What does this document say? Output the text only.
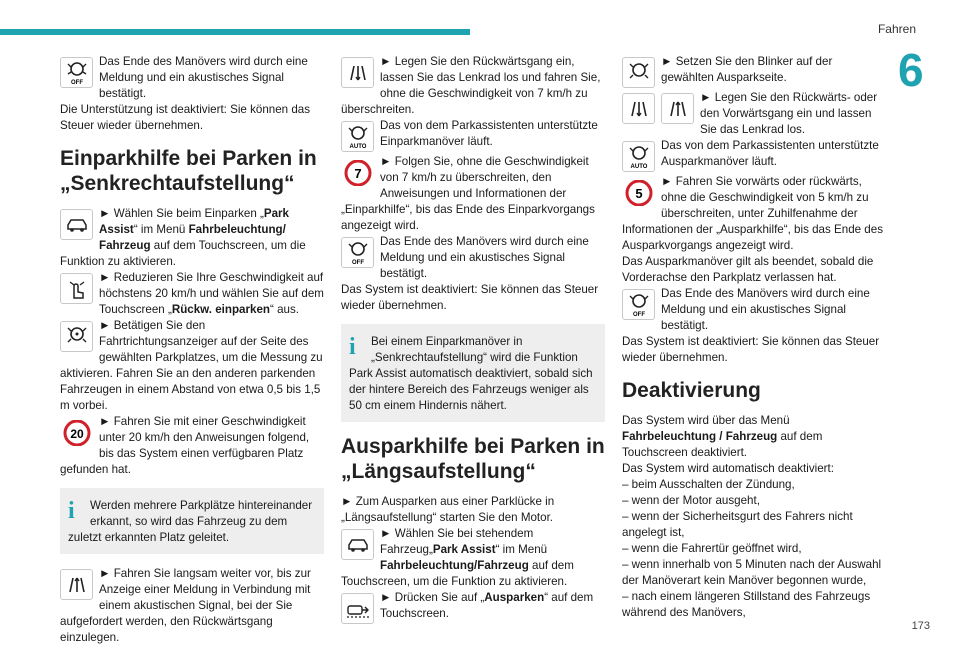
Fahren
6
173
OFF
Das Ende des Manövers wird durch eine Meldung und ein akustisches Signal bestätigt.

Die Unterstützung ist deaktiviert: Sie können das Steuer wieder übernehmen.

Einparkhilfe bei Parken in „Senkrechtaufstellung“
► Wählen Sie beim Einparken „Park Assist“ im Menü Fahrbeleuchtung/ Fahrzeug auf dem Touchscreen, um die Funktion zu aktivieren.
► Reduzieren Sie Ihre Geschwindigkeit auf höchstens 20 km/h und wählen Sie auf dem Touchscreen „Rückw. einparken“ aus.
► Betätigen Sie den Fahrtrichtungsanzeiger auf der Seite des gewählten Parkplatzes, um die Messung zu aktivieren. Fahren Sie an den anderen parkenden Fahrzeugen in einem Abstand von etwa 0,5 bis 1,5 m vorbei.
20
► Fahren Sie mit einer Geschwindigkeit unter 20 km/h den Anweisungen folgend, bis das System einen verfügbaren Platz gefunden hat.
i	Werden mehrere Parkplätze hintereinander erkannt, so wird das Fahrzeug zu dem zuletzt erkannten Platz geleitet.
► Fahren Sie langsam weiter vor, bis zur Anzeige einer Meldung in Verbindung mit einem akustischen Signal, bei der Sie aufgefordert werden, den Rückwärtsgang einzulegen.
► Legen Sie den Rückwärtsgang ein, lassen Sie das Lenkrad los und fahren Sie, ohne die Geschwindigkeit von 7 km/h zu überschreiten.
AUTO
Das von dem Parkassistenten unterstützte Einparkmanöver läuft.
7
► Folgen Sie, ohne die Geschwindigkeit von 7 km/h zu überschreiten, den Anweisungen und Informationen der „Einparkhilfe“, bis das Ende des Einparkvorgangs angezeigt wird.
OFF
Das Ende des Manövers wird durch eine Meldung und ein akustisches Signal bestätigt.

Das System ist deaktiviert: Sie können das Steuer wieder übernehmen.

i	Bei einem Einparkmanöver in „Senkrechtaufstellung“ wird die Funktion Park Assist automatisch deaktiviert, sobald sich der hintere Bereich des Fahrzeugs weniger als 50 cm einem Hindernis nähert.
Ausparkhilfe bei Parken in „Längsaufstellung“

► Zum Ausparken aus einer Parklücke in „Längsaufstellung“ starten Sie den Motor.

► Wählen Sie bei stehendem Fahrzeug„Park Assist“ im Menü Fahrbeleuchtung/Fahrzeug auf dem Touchscreen, um die Funktion zu aktivieren.
► Drücken Sie auf „Ausparken“ auf dem Touchscreen.
► Setzen Sie den Blinker auf der gewählten Ausparkseite.
► Legen Sie den Rückwärts- oder den Vorwärtsgang ein und lassen Sie das Lenkrad los.
AUTO
Das von dem Parkassistenten unterstützte Ausparkmanöver läuft.
5
► Fahren Sie vorwärts oder rückwärts, ohne die Geschwindigkeit von 5 km/h zu überschreiten, unter Zuhilfenahme der Informationen der „Ausparkhilfe“, bis das Ende des Ausparkvorgangs angezeigt wird.

Das Ausparkmanöver gilt als beendet, sobald die Vorderachse den Parkplatz verlassen hat.

OFF
Das Ende des Manövers wird durch eine Meldung und ein akustisches Signal bestätigt.

Das System ist deaktiviert: Sie können das Steuer wieder übernehmen.

Deaktivierung

Das System wird über das Menü Fahrbeleuchtung / Fahrzeug auf dem Touchscreen deaktiviert.

Das System wird automatisch deaktiviert:

– beim Ausschalten der Zündung,
– wenn der Motor ausgeht,
– wenn der Sicherheitsgurt des Fahrers nicht angelegt ist,
– wenn die Fahrertür geöffnet wird,
– wenn innerhalb von 5 Minuten nach der Auswahl der Manöverart kein Manöver begonnen wurde,
– nach einem längeren Stillstand des Fahrzeugs während des Manövers,
